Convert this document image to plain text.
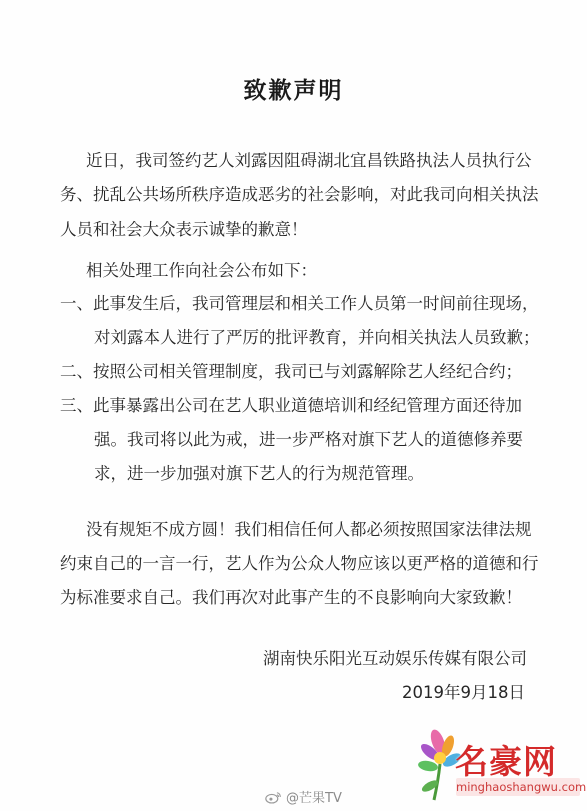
致歉声明
近日，我司签约艺人刘露因阻碍湖北宜昌铁路执法人员执行公
务、扰乱公共场所秩序造成恶劣的社会影响，对此我司向相关执法
人员和社会大众表示诚挚的歉意！
相关处理工作向社会公布如下：
一、此事发生后，我司管理层和相关工作人员第一时间前往现场，
对刘露本人进行了严厉的批评教育，并向相关执法人员致歉；
二、按照公司相关管理制度，我司已与刘露解除艺人经纪合约；
三、此事暴露出公司在艺人职业道德培训和经纪管理方面还待加
强。我司将以此为戒，进一步严格对旗下艺人的道德修养要
求，进一步加强对旗下艺人的行为规范管理。
没有规矩不成方圆！我们相信任何人都必须按照国家法律法规
约束自己的一言一行，艺人作为公众人物应该以更严格的道德和行
为标准要求自己。我们再次对此事产生的不良影响向大家致歉！
湖南快乐阳光互动娱乐传媒有限公司
2019年9月18日
@芒果TV
名豪网
minghaoshangwu.com
